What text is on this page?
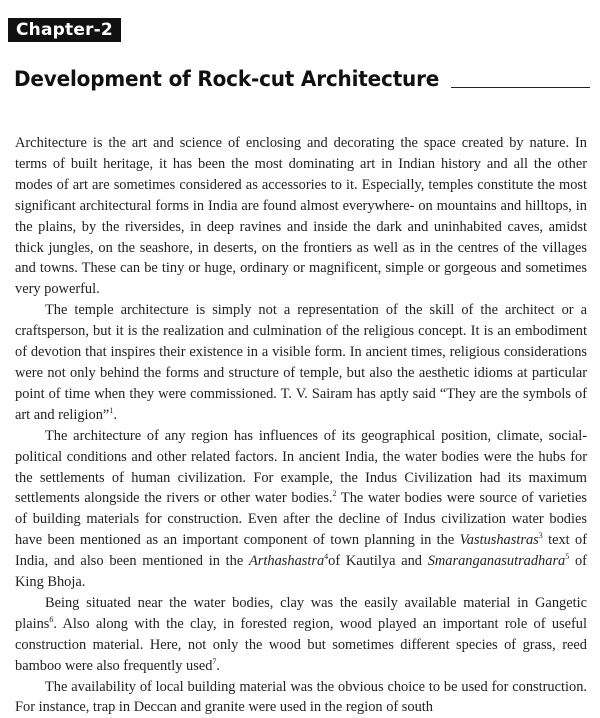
Chapter-2
Development of Rock-cut Architecture

Architecture is the art and science of enclosing and decorating the space created by nature. In terms of built heritage, it has been the most dominating art in Indian history and all the other modes of art are sometimes considered as accessories to it. Especially, temples constitute the most significant architectural forms in India are found almost everywhere- on mountains and hilltops, in the plains, by the riversides, in deep ravines and inside the dark and uninhabited caves, amidst thick jungles, on the seashore, in deserts, on the frontiers as well as in the centres of the villages and towns. These can be tiny or huge, ordinary or magnificent, simple or gorgeous and sometimes very powerful.

The temple architecture is simply not a representation of the skill of the architect or a craftsperson, but it is the realization and culmination of the religious concept. It is an embodiment of devotion that inspires their existence in a visible form. In ancient times, religious considerations were not only behind the forms and structure of temple, but also the aesthetic idioms at particular point of time when they were commissioned. T. V. Sairam has aptly said “They are the symbols of art and religion”$^1$.

The architecture of any region has influences of its geographical position, climate, social-political conditions and other related factors. In ancient India, the water bodies were the hubs for the settlements of human civilization. For example, the Indus Civilization had its maximum settlements alongside the rivers or other water bodies.$^2$ The water bodies were source of varieties of building materials for construction. Even after the decline of Indus civilization water bodies have been mentioned as an important component of town planning in the Vastushastras$^3$ text of India, and also been mentioned in the Arthashastra$^4$of Kautilya and Smaranganasutradhara$^5$ of King Bhoja.

Being situated near the water bodies, clay was the easily available material in Gangetic plains$^6$. Also along with the clay, in forested region, wood played an important role of useful construction material. Here, not only the wood but sometimes different species of grass, reed bamboo were also frequently used$^7$.

The availability of local building material was the obvious choice to be used for construction. For instance, trap in Deccan and granite were used in the region of south
